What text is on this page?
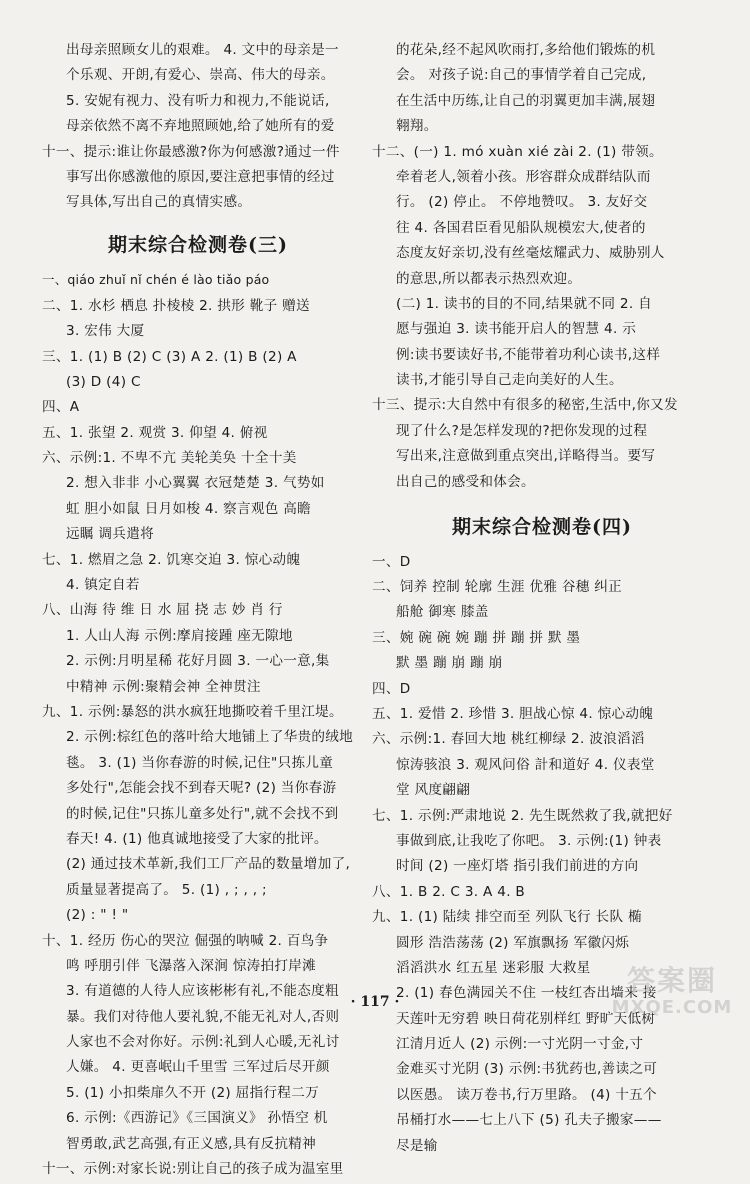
出母亲照顾女儿的艰难。 4. 文中的母亲是一
个乐观、开朗,有爱心、崇高、伟大的母亲。
5. 安妮有视力、没有听力和视力,不能说话,
母亲依然不离不弃地照顾她,给了她所有的爱
十一、提示:谁让你最感激?你为何感激?通过一件
事写出你感激他的原因,要注意把事情的经过
写具体,写出自己的真情实感。
期末综合检测卷(三)
一、qiáo zhuǐ nǐ chén é lào tiǎo páo
二、1. 水杉 栖息 扑棱棱 2. 拱形 靴子 赠送
3. 宏伟 大厦
三、1. (1) B (2) C (3) A 2. (1) B (2) A
(3) D (4) C
四、A
五、1. 张望 2. 观赏 3. 仰望 4. 俯视
六、示例:1. 不卑不亢 美轮美奂 十全十美
2. 想入非非 小心翼翼 衣冠楚楚 3. 气势如
虹 胆小如鼠 日月如梭 4. 察言观色 高瞻
远瞩 调兵遣将
七、1. 燃眉之急 2. 饥寒交迫 3. 惊心动魄
4. 镇定自若
八、山海 待 维 日 水 屈 挠 志 妙 肖 行
1. 人山人海 示例:摩肩接踵 座无隙地
2. 示例:月明星稀 花好月圆 3. 一心一意,集
中精神 示例:聚精会神 全神贯注
九、1. 示例:暴怒的洪水疯狂地撕咬着千里江堤。
2. 示例:棕红色的落叶给大地铺上了华贵的绒地
毯。 3. (1) 当你春游的时候,记住"只拣儿童
多处行",怎能会找不到春天呢? (2) 当你春游
的时候,记住"只拣儿童多处行",就不会找不到
春天! 4. (1) 他真诚地接受了大家的批评。
(2) 通过技术革新,我们工厂产品的数量增加了,
质量显著提高了。 5. (1) , ; , , ;
(2) : " ! "
十、1. 经历 伤心的哭泣 倔强的呐喊 2. 百鸟争
鸣 呼朋引伴 飞瀑落入深涧 惊涛拍打岸滩
3. 有道德的人待人应该彬彬有礼,不能态度粗
暴。我们对待他人要礼貌,不能无礼对人,否则
人家也不会对你好。示例:礼到人心暖,无礼讨
人嫌。 4. 更喜岷山千里雪 三军过后尽开颜
5. (1) 小扣柴扉久不开 (2) 屈指行程二万
6. 示例:《西游记》《三国演义》 孙悟空 机
智勇敢,武艺高强,有正义感,具有反抗精神
十一、示例:对家长说:别让自己的孩子成为温室里
的花朵,经不起风吹雨打,多给他们锻炼的机
会。 对孩子说:自己的事情学着自己完成,
在生活中历练,让自己的羽翼更加丰满,展翅
翱翔。
十二、(一) 1. mó xuàn xié zài 2. (1) 带领。
牵着老人,领着小孩。形容群众成群结队而
行。 (2) 停止。 不停地赞叹。 3. 友好交
往 4. 各国君臣看见船队规模宏大,使者的
态度友好亲切,没有丝毫炫耀武力、威胁别人
的意思,所以都表示热烈欢迎。
(二) 1. 读书的目的不同,结果就不同 2. 自
愿与强迫 3. 读书能开启人的智慧 4. 示
例:读书要读好书,不能带着功利心读书,这样
读书,才能引导自己走向美好的人生。
十三、提示:大自然中有很多的秘密,生活中,你又发
现了什么?是怎样发现的?把你发现的过程
写出来,注意做到重点突出,详略得当。要写
出自己的感受和体会。
期末综合检测卷(四)
一、D
二、饲养 控制 轮廓 生涯 优雅 谷穗 纠正
船舱 御寒 膝盖
三、婉 碗 碗 婉 蹦 拼 蹦 拼 默 墨
默 墨 蹦 崩 蹦 崩
四、D
五、1. 爱惜 2. 珍惜 3. 胆战心惊 4. 惊心动魄
六、示例:1. 春回大地 桃红柳绿 2. 波浪滔滔
惊涛骇浪 3. 观风问俗 計和道好 4. 仪表堂
堂 风度翩翩
七、1. 示例:严肃地说 2. 先生既然救了我,就把好
事做到底,让我吃了你吧。 3. 示例:(1) 钟表
时间 (2) 一座灯塔 指引我们前进的方向
八、1. B 2. C 3. A 4. B
九、1. (1) 陆续 排空而至 列队飞行 长队 椭
圆形 浩浩荡荡 (2) 军旗飘扬 军徽闪烁
滔滔洪水 红五星 迷彩服 大救星
2. (1) 春色满园关不住 一枝红杏出墙来 接
天莲叶无穷碧 映日荷花别样红 野旷天低树
江清月近人 (2) 示例:一寸光阴一寸金,寸
金难买寸光阴 (3) 示例:书犹药也,善读之可
以医愚。 读万卷书,行万里路。 (4) 十五个
吊桶打水——七上八下 (5) 孔夫子搬家——
尽是输
· 117 ·
答案圈
MXQE.COM
